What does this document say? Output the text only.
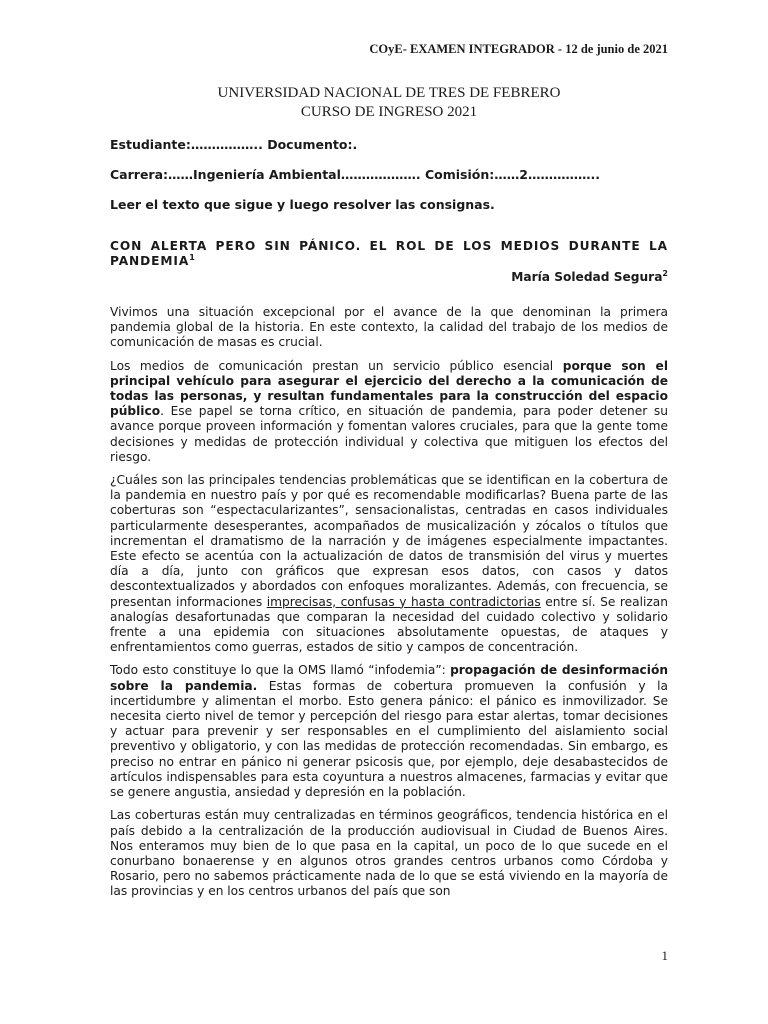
COyE- EXAMEN INTEGRADOR - 12 de junio de 2021
UNIVERSIDAD NACIONAL DE TRES DE FEBRERO
CURSO DE INGRESO 2021
Estudiante:…………….. Documento:.
Carrera:……Ingeniería Ambiental………………. Comisión:……2……………..
Leer el texto que sigue y luego resolver las consignas.
CON ALERTA PERO SIN PÁNICO. EL ROL DE LOS MEDIOS DURANTE LA PANDEMIA$^1$
María Soledad Segura$^2$

Vivimos una situación excepcional por el avance de la que denominan la primera pandemia global de la historia. En este contexto, la calidad del trabajo de los medios de comunicación de masas es crucial.

Los medios de comunicación prestan un servicio público esencial porque son el principal vehículo para asegurar el ejercicio del derecho a la comunicación de todas las personas, y resultan fundamentales para la construcción del espacio público. Ese papel se torna crítico, en situación de pandemia, para poder detener su avance porque proveen información y fomentan valores cruciales, para que la gente tome decisiones y medidas de protección individual y colectiva que mitiguen los efectos del riesgo.

¿Cuáles son las principales tendencias problemáticas que se identifican en la cobertura de la pandemia en nuestro país y por qué es recomendable modificarlas? Buena parte de las coberturas son “espectacularizantes”, sensacionalistas, centradas en casos individuales particularmente desesperantes, acompañados de musicalización y zócalos o títulos que incrementan el dramatismo de la narración y de imágenes especialmente impactantes. Este efecto se acentúa con la actualización de datos de transmisión del virus y muertes día a día, junto con gráficos que expresan esos datos, con casos y datos descontextualizados y abordados con enfoques moralizantes. Además, con frecuencia, se presentan informaciones imprecisas, confusas y hasta contradictorias entre sí. Se realizan analogías desafortunadas que comparan la necesidad del cuidado colectivo y solidario frente a una epidemia con situaciones absolutamente opuestas, de ataques y enfrentamientos como guerras, estados de sitio y campos de concentración.

Todo esto constituye lo que la OMS llamó “infodemia”: propagación de desinformación sobre la pandemia. Estas formas de cobertura promueven la confusión y la incertidumbre y alimentan el morbo. Esto genera pánico: el pánico es inmovilizador. Se necesita cierto nivel de temor y percepción del riesgo para estar alertas, tomar decisiones y actuar para prevenir y ser responsables en el cumplimiento del aislamiento social preventivo y obligatorio, y con las medidas de protección recomendadas. Sin embargo, es preciso no entrar en pánico ni generar psicosis que, por ejemplo, deje desabastecidos de artículos indispensables para esta coyuntura a nuestros almacenes, farmacias y evitar que se genere angustia, ansiedad y depresión en la población.

Las coberturas están muy centralizadas en términos geográficos, tendencia histórica en el país debido a la centralización de la producción audiovisual in Ciudad de Buenos Aires. Nos enteramos muy bien de lo que pasa en la capital, un poco de lo que sucede en el conurbano bonaerense y en algunos otros grandes centros urbanos como Córdoba y Rosario, pero no sabemos prácticamente nada de lo que se está viviendo en la mayoría de las provincias y en los centros urbanos del país que son

1
